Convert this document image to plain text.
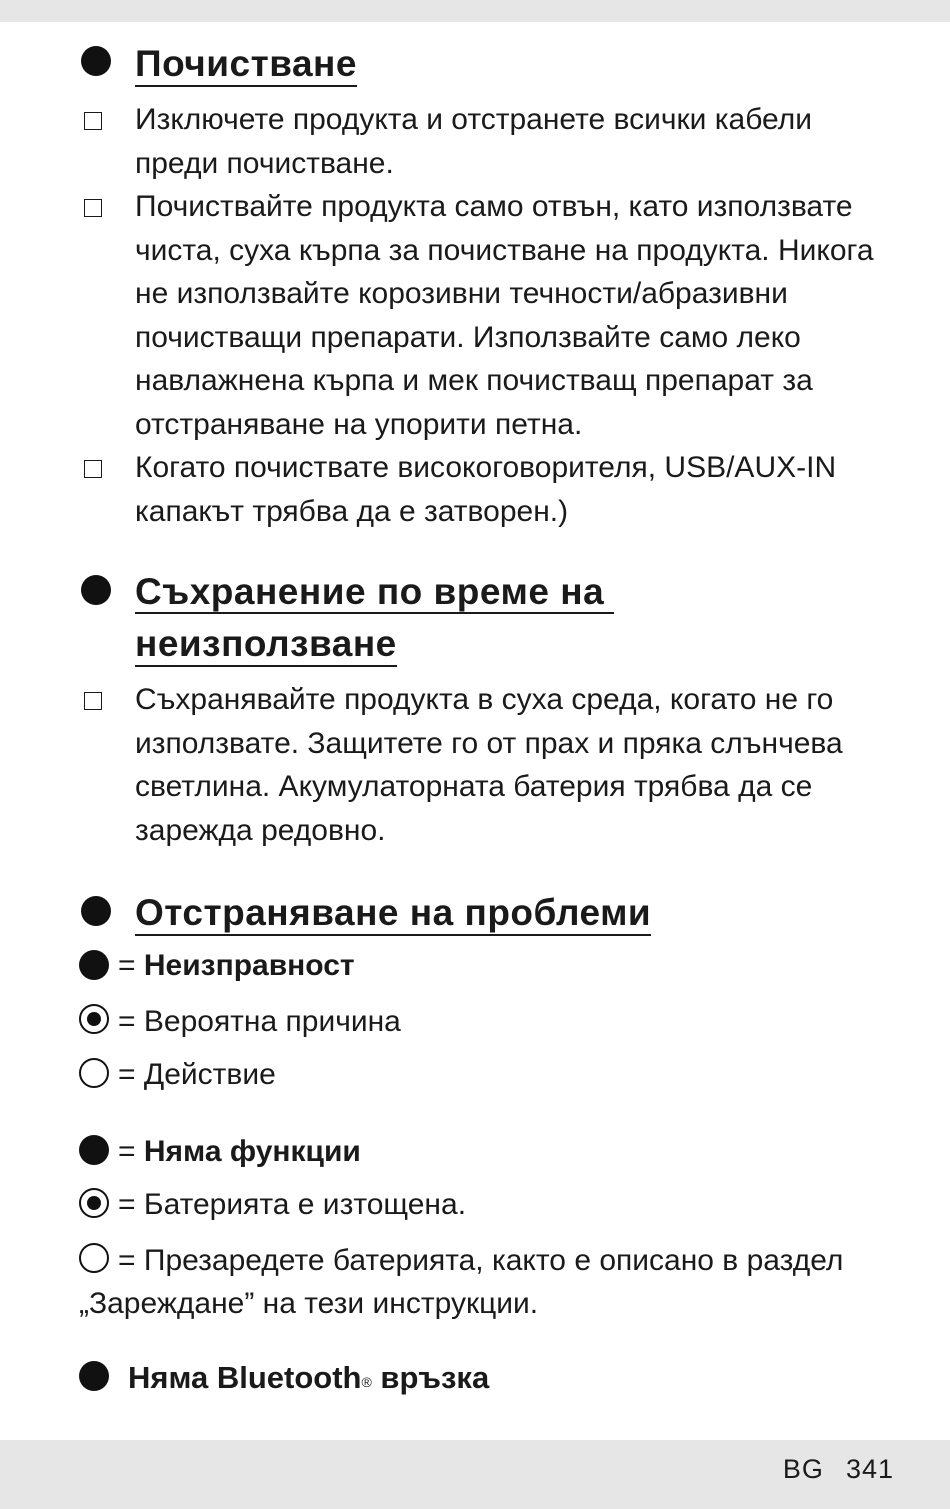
Почистване
Изключете продукта и отстранете всички кабели преди почистване.
Почиствайте продукта само отвън, като използвате чиста, суха кърпа за почистване на продукта. Никога не използвайте корозивни течности/абразивни почистващи препарати. Използвайте само леко навлажнена кърпа и мек почистващ препарат за отстраняване на упорити петна.
Когато почиствате високоговорителя, USB/AUX-IN капакът трябва да е затворен.)
Съхранение по време на
неизползване
Съхранявайте продукта в суха среда, когато не го използвате. Защитете го от прах и пряка слънчева светлина. Акумулаторната батерия трябва да се зарежда редовно.
Отстраняване на проблеми
= Неизправност
= Вероятна причина
= Действие
= Няма функции
= Батерията е изтощена.
= Презаредете батерията, както е описано в раздел „Зареждане” на тези инструкции.
Няма Bluetooth® връзка
BG 341
